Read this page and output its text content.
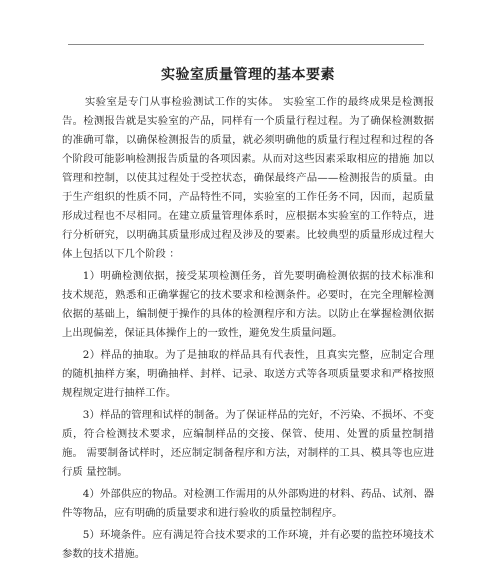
实验室质量管理的基本要素

实验室是专门从事检验测试工作的实体。 实验室工作的最终成果是检测报告。检测报告就是实验室的产品，同样有一个质量行程过程。为了确保检测数据的准确可靠，以确保检测报告的质量，就必须明确他的质量行程过程和过程的各个阶段可能影响检测报告质量的各项因素。从而对这些因素采取相应的措施 加以管理和控制，以使其过程处于受控状态，确保最终产品——检测报告的质量。由于生产组织的性质不同，产品特性不同，实验室的工作任务不同，因而，起质量形成过程也不尽相同。在建立质量管理体系时，应根据本实验室的工作特点，进行分析研究，以明确其质量形成过程及涉及的要素。比较典型的质量形成过程大体上包括以下几个阶段 ：

1）明确检测依据，接受某项检测任务，首先要明确检测依据的技术标准和 技术规范，熟悉和正确掌握它的技术要求和检测条件。必要时，在完全理解检测 依据的基础上，编制便于操作的具体的检测程序和方法。以防止在掌握检测依据 上出现偏差，保证具体操作上的一致性，避免发生质量问题。

2）样品的抽取。为了是抽取的样品具有代表性，且真实完整，应制定合理 的随机抽样方案，明确抽样、封样、记录、取送方式等各项质量要求和严格按照 规程规定进行抽样工作。

3）样品的管理和试样的制备。为了保证样品的完好，不污染、不损坏、不变 质，符合检测技术要求，应编制样品的交接、保管、使用、处置的质量控制措施。 需要制备试样时，还应制定制备程序和方法，对制样的工具、模具等也应进行质 量控制。

4）外部供应的物品。对检测工作需用的从外部购进的材料、药品、试剂、器 件等物品，应有明确的质量要求和进行验收的质量控制程序。

5）环境条件。应有满足符合技术要求的工作环境，并有必要的监控环境技术 参数的技术措施。
